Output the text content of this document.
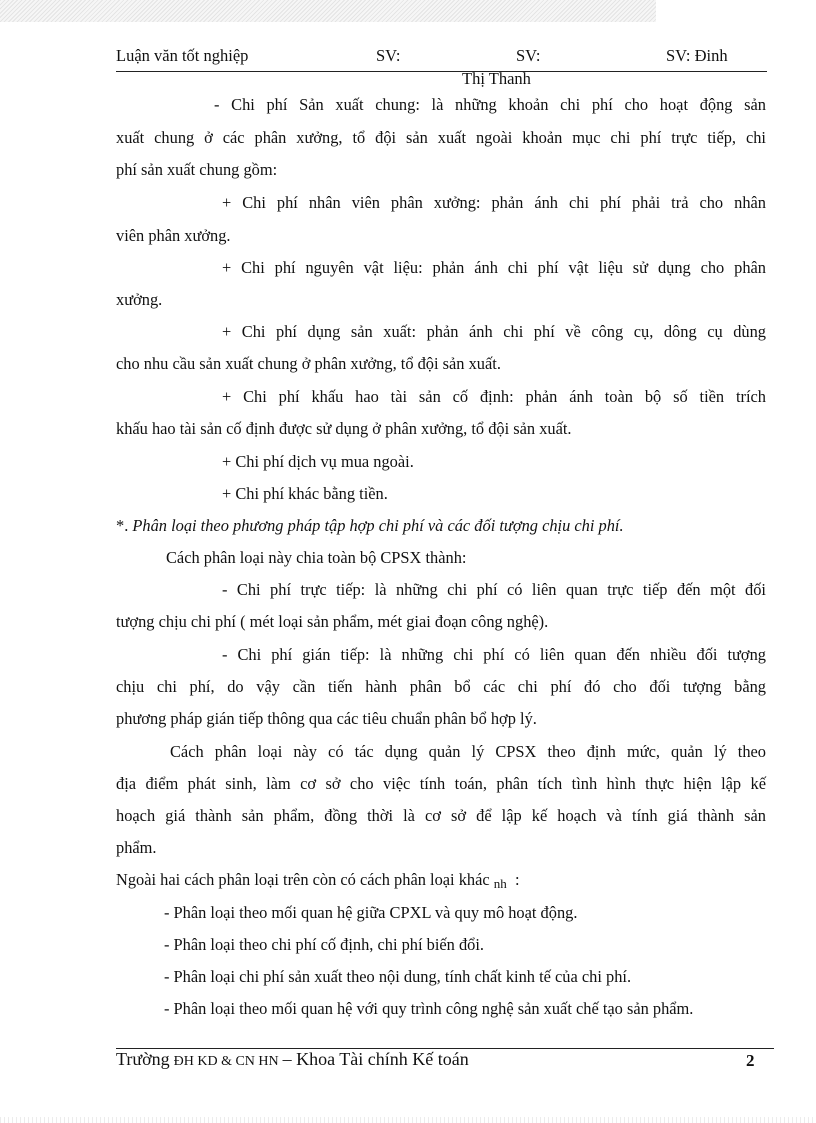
Luận văn tốt nghiệp	SV:	SV:	SV: Đinh
Thị Thanh
- Chi phí Sản xuất chung: là những khoản chi phí cho hoạt động sản
xuất chung ở các phân xưởng, tổ đội sản xuất ngoài khoản mục chi phí trực tiếp, chi
phí sản xuất chung gồm:
+ Chi phí nhân viên phân xưởng: phản ánh chi phí phải trả cho nhân
viên phân xưởng.
+ Chi phí nguyên vật liệu: phản ánh chi phí vật liệu sử dụng cho phân
xưởng.
+ Chi phí dụng sản xuất: phản ánh chi phí về công cụ, dông cụ dùng
cho nhu cầu sản xuất chung ở phân xưởng, tổ đội sản xuất.
+ Chi phí khấu hao tài sản cố định: phản ánh toàn bộ số tiền trích
khấu hao tài sản cố định được sử dụng ở phân xưởng, tổ đội sản xuất.
+ Chi phí dịch vụ mua ngoài.
+ Chi phí khác bằng tiền.
*. Phân loại theo phương pháp tập hợp chi phí và các đối tượng chịu chi phí.
Cách phân loại này chia toàn bộ CPSX thành:
- Chi phí trực tiếp: là những chi phí có liên quan trực tiếp đến một đối
tượng chịu chi phí ( mét loại sản phẩm, mét giai đoạn công nghệ).
- Chi phí gián tiếp: là những chi phí có liên quan đến nhiều đối tượng
chịu chi phí, do vậy cần tiến hành phân bổ các chi phí đó cho đối tượng bằng
phương pháp gián tiếp thông qua các tiêu chuẩn phân bổ hợp lý.
Cách phân loại này có tác dụng quản lý CPSX theo định mức, quản lý theo
địa điểm phát sinh, làm cơ sở cho việc tính toán, phân tích tình hình thực hiện lập kế
hoạch giá thành sản phẩm, đồng thời là cơ sở để lập kế hoạch và tính giá thành sản
phẩm.
Ngoài hai cách phân loại trên còn có cách phân loại khác nh :
- Phân loại theo mối quan hệ giữa CPXL và quy mô hoạt động.
- Phân loại theo chi phí cố định, chi phí biến đổi.
- Phân loại chi phí sản xuất theo nội dung, tính chất kinh tế của chi phí.
- Phân loại theo mối quan hệ với quy trình công nghệ sản xuất chế tạo sản phẩm.
Trường ĐH KD & CN HN – Khoa Tài chính Kế toán	2
